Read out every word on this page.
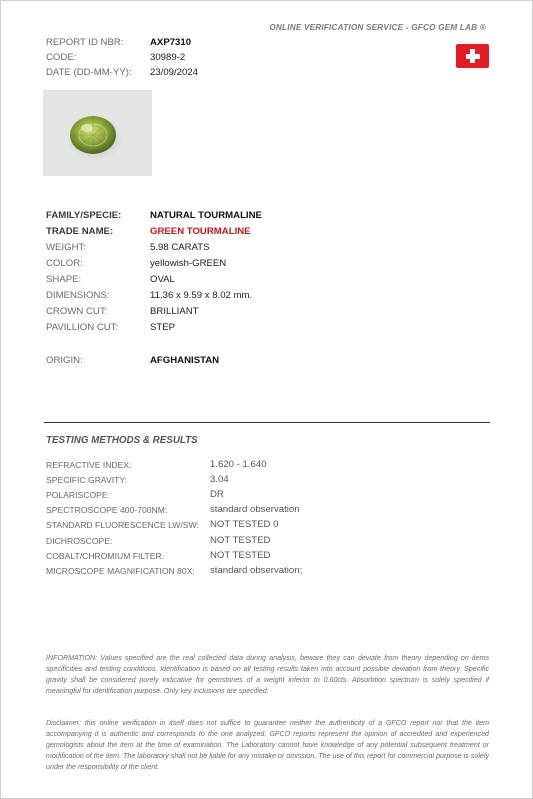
ONLINE VERIFICATION SERVICE - GFCO GEM LAB ®
REPORT ID NBR:	AXP7310
CODE:	30989-2
DATE (DD-MM-YY): 23/09/2024
FAMILY/SPECIE:	NATURAL TOURMALINE
TRADE NAME:	GREEN TOURMALINE
WEIGHT:	5.98 CARATS
COLOR:	yellowish-GREEN
SHAPE:	OVAL
DIMENSIONS:	11.36 x 9.59 x 8.02 mm.
CROWN CUT:	BRILLIANT
PAVILLION CUT:	STEP
ORIGIN:	AFGHANISTAN
TESTING METHODS & RESULTS
REFRACTIVE INDEX:	1.620 - 1.640
SPECIFIC GRAVITY:	3.04
POLARISCOPE:	DR
SPECTROSCOPE 400-700NM:	standard observation
STANDARD FLUORESCENCE LW/SW: NOT TESTED 0
DICHROSCOPE:	NOT TESTED
COBALT/CHROMIUM FILTER:	NOT TESTED
MICROSCOPE MAGNIFICATION 80X: standard observation;
INFORMATION: Values specified are the real collected data during analysis, beware they can deviate from theory depending on items specificities and testing conditions. Identification is based on all testing results taken into account possible deviation from theory. Specific gravity shall be considered purely indicative for gemstones of a weight inferior to 0.60cts. Absorbtion spectrum is solely specified if meaningful for identification purpose. Only key inclusions are specified.
Disclaimer: this online verification in itself does not suffice to guarantee neither the authenticity of a GFCO report nor that the item accompanying it is authentic and corresponds to the one analyzed. GFCO reports represent the opinion of accredited and experienced gemologists about the item at the time of examination. The Laboratory cannot have knowledge of any potential subsequent treatment or modification of the item. The laboratory shall not be liable for any mistake or omission. The use of this report for commercial purpose is solely under the responsibility of the client.
